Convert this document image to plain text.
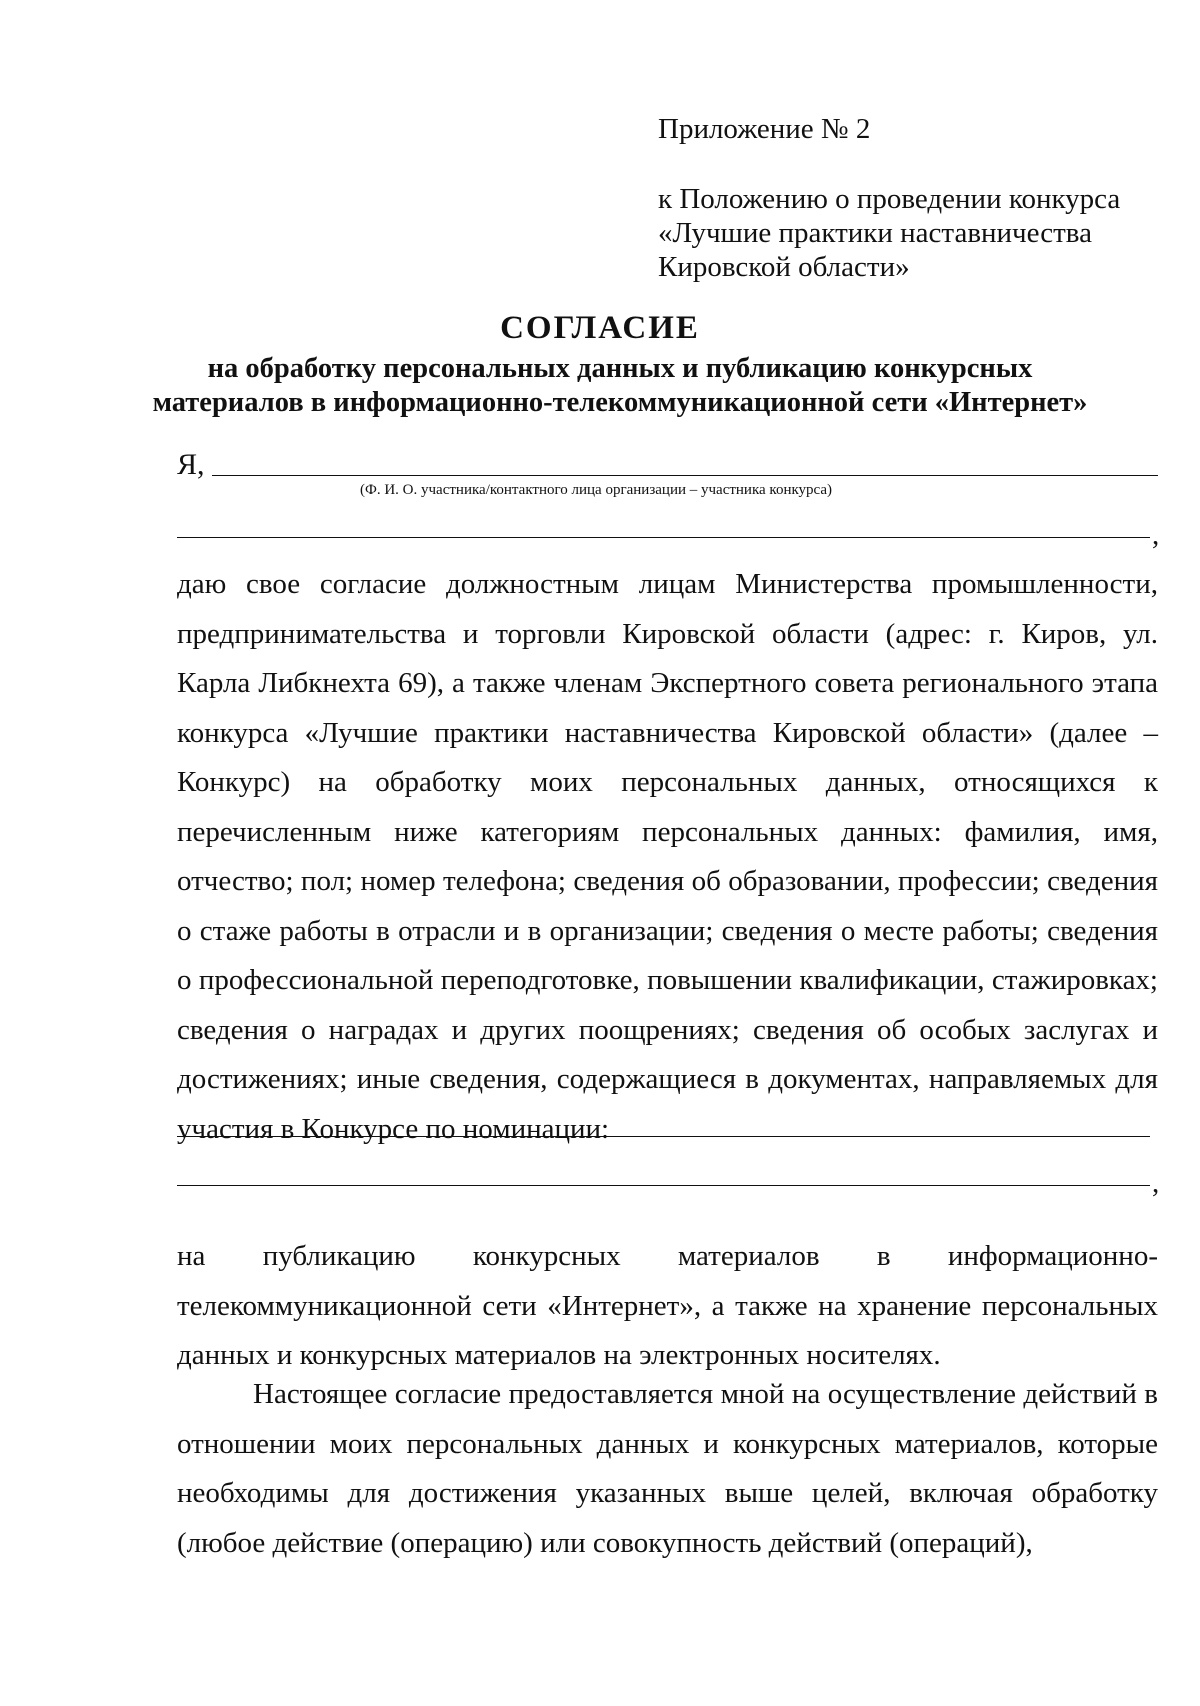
Приложение № 2
к Положению о проведении конкурса
«Лучшие практики наставничества
Кировской области»
СОГЛАСИЕ
на обработку персональных данных и публикацию конкурсных
материалов в информационно-телекоммуникационной сети «Интернет»
Я,
(Ф. И. О. участника/контактного лица организации – участника конкурса)
,
даю свое согласие должностным лицам Министерства промышленности, предпринимательства и торговли Кировской области (адрес: г. Киров, ул. Карла Либкнехта 69), а также членам Экспертного совета регионального этапа конкурса «Лучшие практики наставничества Кировской области» (далее – Конкурс) на обработку моих персональных данных, относящихся к перечисленным ниже категориям персональных данных: фамилия, имя, отчество; пол; номер телефона; сведения об образовании, профессии; сведения о стаже работы в отрасли и в организации; сведения о месте работы; сведения о профессиональной переподготовке, повышении квалификации, стажировках; сведения о наградах и других поощрениях; сведения об особых заслугах и достижениях; иные сведения, содержащиеся в документах, направляемых для участия в Конкурсе по номинации:
,
на публикацию конкурсных материалов в информационно-
телекоммуникационной сети «Интернет», а также на хранение персональных данных и конкурсных материалов на электронных носителях.
Настоящее согласие предоставляется мной на осуществление действий в отношении моих персональных данных и конкурсных материалов, которые необходимы для достижения указанных выше целей, включая обработку (любое действие (операцию) или совокупность действий (операций),
